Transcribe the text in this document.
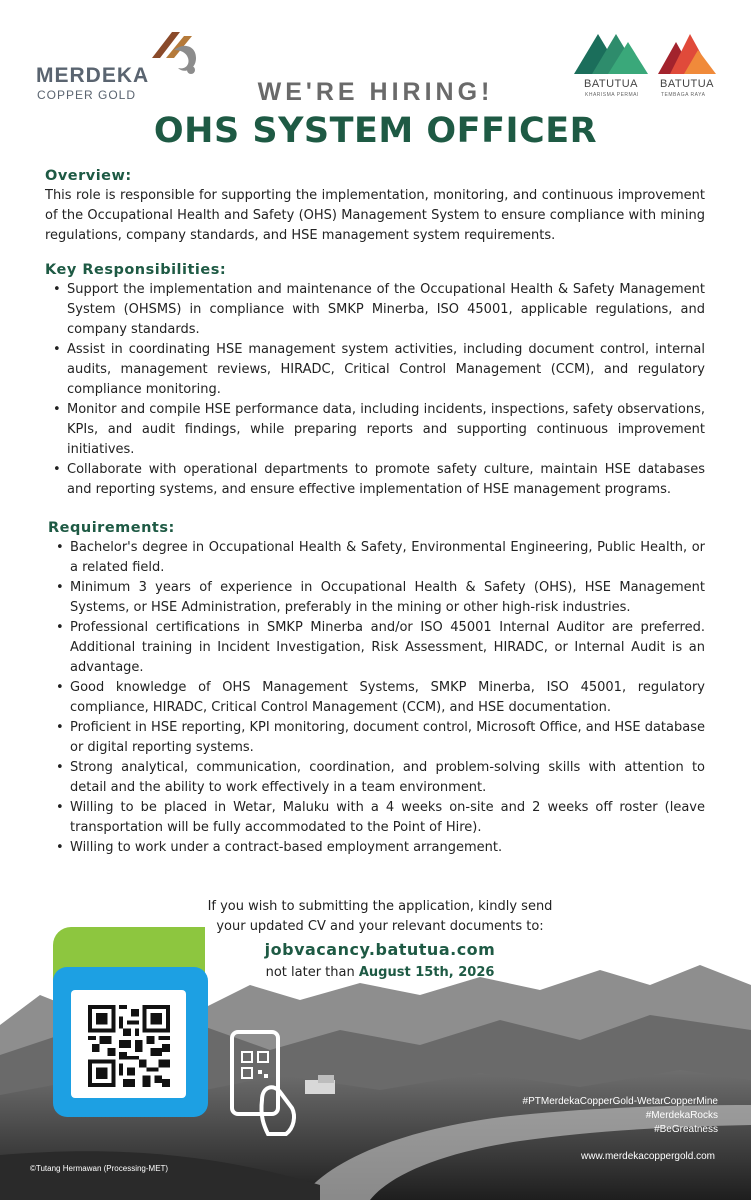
MERDEKA
COPPER GOLD
BATUTUA
KHARISMA PERMAI
BATUTUA
TEMBAGA RAYA
WE'RE HIRING!
OHS SYSTEM OFFICER

Overview:

This role is responsible for supporting the implementation, monitoring, and continuous improvement of the Occupational Health and Safety (OHS) Management System to ensure compliance with mining regulations, company standards, and HSE management system requirements.

Key Responsibilities:

• Support the implementation and maintenance of the Occupational Health & Safety Management System (OHSMS) in compliance with SMKP Minerba, ISO 45001, applicable regulations, and company standards.
• Assist in coordinating HSE management system activities, including document control, internal audits, management reviews, HIRADC, Critical Control Management (CCM), and regulatory compliance monitoring.
• Monitor and compile HSE performance data, including incidents, inspections, safety observations, KPIs, and audit findings, while preparing reports and supporting continuous improvement initiatives.
• Collaborate with operational departments to promote safety culture, maintain HSE databases and reporting systems, and ensure effective implementation of HSE management programs.

Requirements:

• Bachelor's degree in Occupational Health & Safety, Environmental Engineering, Public Health, or a related field.
• Minimum 3 years of experience in Occupational Health & Safety (OHS), HSE Management Systems, or HSE Administration, preferably in the mining or other high-risk industries.
• Professional certifications in SMKP Minerba and/or ISO 45001 Internal Auditor are preferred. Additional training in Incident Investigation, Risk Assessment, HIRADC, or Internal Audit is an advantage.
• Good knowledge of OHS Management Systems, SMKP Minerba, ISO 45001, regulatory compliance, HIRADC, Critical Control Management (CCM), and HSE documentation.
• Proficient in HSE reporting, KPI monitoring, document control, Microsoft Office, and HSE database or digital reporting systems.
• Strong analytical, communication, coordination, and problem-solving skills with attention to detail and the ability to work effectively in a team environment.
• Willing to be placed in Wetar, Maluku with a 4 weeks on-site and 2 weeks off roster (leave transportation will be fully accommodated to the Point of Hire).
• Willing to work under a contract-based employment arrangement.
If you wish to submitting the application, kindly send
your updated CV and your relevant documents to:
jobvacancy.batutua.com
not later than August 15th, 2026
#PTMerdekaCopperGold-WetarCopperMine
#MerdekaRocks
#BeGreatness
www.merdekacoppergold.com
©Tutang Hermawan (Processing-MET)
